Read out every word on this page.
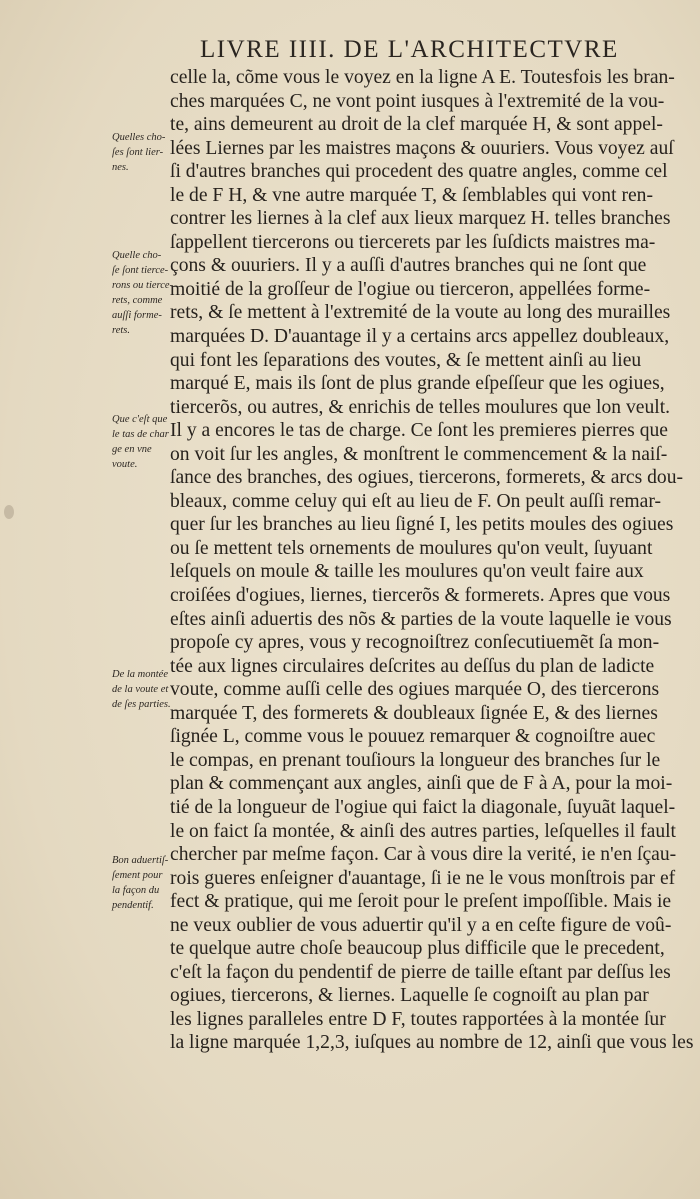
LIVRE IIII. DE L'ARCHITECTVRE
celle la, cõme vous le voyez en la ligne A E. Toutesfois les bran-
ches marquées C, ne vont point iusques à l'extremité de la vou-
te, ains demeurent au droit de la clef marquée H, & sont appel-
lées Liernes par les maistres maçons & ouuriers. Vous voyez auſ
ſi d'autres branches qui procedent des quatre angles, comme cel
le de F H, & vne autre marquée T, & ſemblables qui vont ren-
contrer les liernes à la clef aux lieux marquez H. telles branches
ſappellent tiercerons ou tiercerets par les ſuſdicts maistres ma-
çons & ouuriers. Il y a auſſi d'autres branches qui ne ſont que
moitié de la groſſeur de l'ogiue ou tierceron, appellées forme-
rets, & ſe mettent à l'extremité de la voute au long des murailles
marquées D. D'auantage il y a certains arcs appellez doubleaux,
qui font les ſeparations des voutes, & ſe mettent ainſi au lieu
marqué E, mais ils ſont de plus grande eſpeſſeur que les ogiues,
tiercerõs, ou autres, & enrichis de telles moulures que lon veult.
Il y a encores le tas de charge. Ce ſont les premieres pierres que
on voit ſur les angles, & monſtrent le commencement & la naiſ-
ſance des branches, des ogiues, tiercerons, formerets, & arcs dou-
bleaux, comme celuy qui eſt au lieu de F. On peult auſſi remar-
quer ſur les branches au lieu ſigné I, les petits moules des ogiues
ou ſe mettent tels ornements de moulures qu'on veult, ſuyuant
leſquels on moule & taille les moulures qu'on veult faire aux
croiſées d'ogiues, liernes, tiercerõs & formerets. Apres que vous
eſtes ainſi aduertis des nõs & parties de la voute laquelle ie vous
propoſe cy apres, vous y recognoiſtrez conſecutiuemẽt ſa mon-
tée aux lignes circulaires deſcrites au deſſus du plan de ladicte
voute, comme auſſi celle des ogiues marquée O, des tiercerons
marquée T, des formerets & doubleaux ſignée E, & des liernes
ſignée L, comme vous le pouuez remarquer & cognoiſtre auec
le compas, en prenant touſiours la longueur des branches ſur le
plan & commençant aux angles, ainſi que de F à A, pour la moi-
tié de la longueur de l'ogiue qui faict la diagonale, ſuyuãt laquel-
le on faict ſa montée, & ainſi des autres parties, leſquelles il fault
chercher par meſme façon. Car à vous dire la verité, ie n'en ſçau-
rois gueres enſeigner d'auantage, ſi ie ne le vous monſtrois par ef
fect & pratique, qui me ſeroit pour le preſent impoſſible. Mais ie
ne veux oublier de vous aduertir qu'il y a en ceſte figure de voû-
te quelque autre choſe beaucoup plus difficile que le precedent,
c'eſt la façon du pendentif de pierre de taille eſtant par deſſus les
ogiues, tiercerons, & liernes. Laquelle ſe cognoiſt au plan par
les lignes paralleles entre D F, toutes rapportées à la montée ſur
la ligne marquée 1,2,3, iuſques au nombre de 12, ainſi que vous les
Quelles cho-
ſes ſont lier-
nes.
Quelle cho-
ſe ſont tierce-
rons ou tierce-
rets, comme
auſſi forme-
rets.
Que c'eſt que
le tas de char
ge en vne
voute.
De la montée
de la voute et
de ſes parties.
Bon aduertiſ-
ſement pour
la façon du
pendentif.
